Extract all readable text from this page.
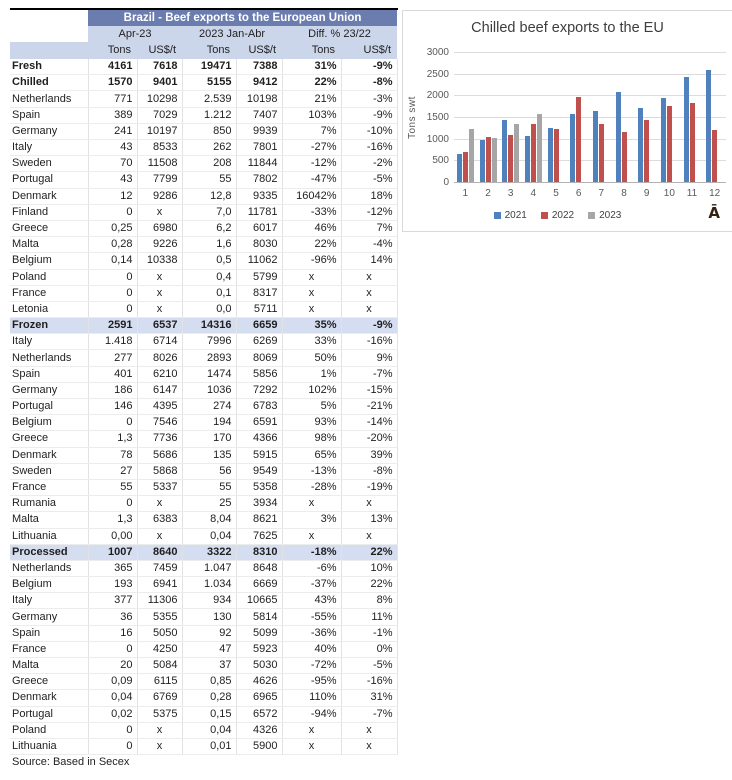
	Brazil - Beef exports to the European Union					
	Apr-23		2023 Jan-Abr		Diff. % 23/22	
	Tons	US$/t	Tons	US$/t	Tons	US$/t
Fresh	4161	7618	19471	7388	31%	-9%
Chilled	1570	9401	5155	9412	22%	-8%
Netherlands	771	10298	2.539	10198	21%	-3%
Spain	389	7029	1.212	7407	103%	-9%
Germany	241	10197	850	9939	7%	-10%
Italy	43	8533	262	7801	-27%	-16%
Sweden	70	11508	208	11844	-12%	-2%
Portugal	43	7799	55	7802	-47%	-5%
Denmark	12	9286	12,8	9335	16042%	18%
Finland	0	x	7,0	11781	-33%	-12%
Greece	0,25	6980	6,2	6017	46%	7%
Malta	0,28	9226	1,6	8030	22%	-4%
Belgium	0,14	10338	0,5	11062	-96%	14%
Poland	0	x	0,4	5799	x	x
France	0	x	0,1	8317	x	x
Letonia	0	x	0,0	5711	x	x
Frozen	2591	6537	14316	6659	35%	-9%
Italy	1.418	6714	7996	6269	33%	-16%
Netherlands	277	8026	2893	8069	50%	9%
Spain	401	6210	1474	5856	1%	-7%
Germany	186	6147	1036	7292	102%	-15%
Portugal	146	4395	274	6783	5%	-21%
Belgium	0	7546	194	6591	93%	-14%
Greece	1,3	7736	170	4366	98%	-20%
Denmark	78	5686	135	5915	65%	39%
Sweden	27	5868	56	9549	-13%	-8%
France	55	5337	55	5358	-28%	-19%
Rumania	0	x	25	3934	x	x
Malta	1,3	6383	8,04	8621	3%	13%
Lithuania	0,00	x	0,04	7625	x	x
Processed	1007	8640	3322	8310	-18%	22%
Netherlands	365	7459	1.047	8648	-6%	10%
Belgium	193	6941	1.034	6669	-37%	22%
Italy	377	11306	934	10665	43%	8%
Germany	36	5355	130	5814	-55%	11%
Spain	16	5050	92	5099	-36%	-1%
France	0	4250	47	5923	40%	0%
Malta	20	5084	37	5030	-72%	-5%
Greece	0,09	6115	0,85	4626	-95%	-16%
Denmark	0,04	6769	0,28	6965	110%	31%
Portugal	0,02	5375	0,15	6572	-94%	-7%
Poland	0	x	0,04	4326	x	x
Lithuania	0	x	0,01	5900	x	x
Source: Based in Secex						
Chilled beef exports to the EU
Tons swt
0
500
1000
1500
2000
2500
3000
1	2	3	4	5	6	7	8	9	10	11	12
2021	2022	2023	Ā
